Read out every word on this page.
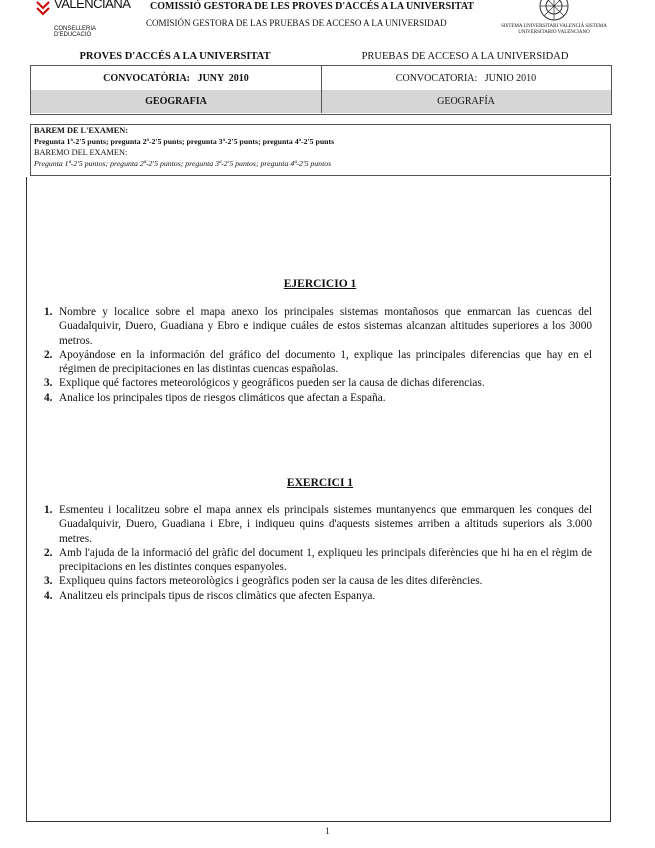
VALENCIANA
CONSELLERIA D'EDUCACIÓ
COMISSIÓ GESTORA DE LES PROVES D'ACCÉS A LA UNIVERSITAT
COMISIÓN GESTORA DE LAS PRUEBAS DE ACCESO A LA UNIVERSIDAD	SISTEMA UNIVERSITARI VALENCIÀ SISTEMA UNIVERSITARIO VALENCIANO
PROVES D'ACCÉS A LA UNIVERSITAT	PRUEBAS DE ACCESO A LA UNIVERSIDAD
CONVOCATÒRIA:   JUNY  2010	CONVOCATORIA:   JUNIO 2010
GEOGRAFIA	GEOGRAFÍA
BAREM DE L'EXAMEN:
Pregunta 1ª-2'5 punts; pregunta 2ª-2'5 punts; pregunta 3ª-2'5 punts; pregunta 4ª-2'5 punts
BAREMO DEL EXAMEN:
Pregunta 1ª-2'5 puntos; pregunta 2ª-2'5 puntos; pregunta 3ª-2'5 puntos; pregunta 4ª-2'5 puntos
EJERCICIO 1
1. Nombre y localice sobre el mapa anexo los principales sistemas montañosos que enmarcan las cuencas del Guadalquivir, Duero, Guadiana y Ebro e indique cuáles de estos sistemas alcanzan altitudes superiores a los 3000 metros.
2. Apoyándose en la información del gráfico del documento 1, explique las principales diferencias que hay en el régimen de precipitaciones en las distintas cuencas españolas.
3. Explique qué factores meteorológicos y geográficos pueden ser la causa de dichas diferencias.
4. Analice los principales tipos de riesgos climáticos que afectan a España.
EXERCICI 1
1. Esmenteu i localitzeu sobre el mapa annex els principals sistemes muntanyencs que emmarquen les conques del Guadalquivir, Duero, Guadiana i Ebre, i indiqueu quins d'aquests sistemes arriben a altituds superiors als 3.000 metres.
2. Amb l'ajuda de la informació del gràfic del document 1, expliqueu les principals diferències que hi ha en el règim de precipitacions en les distintes conques espanyoles.
3. Expliqueu quins factors meteorològics i geogràfics poden ser la causa de les dites diferències.
4. Analitzeu els principals tipus de riscos climàtics que afecten Espanya.
1
